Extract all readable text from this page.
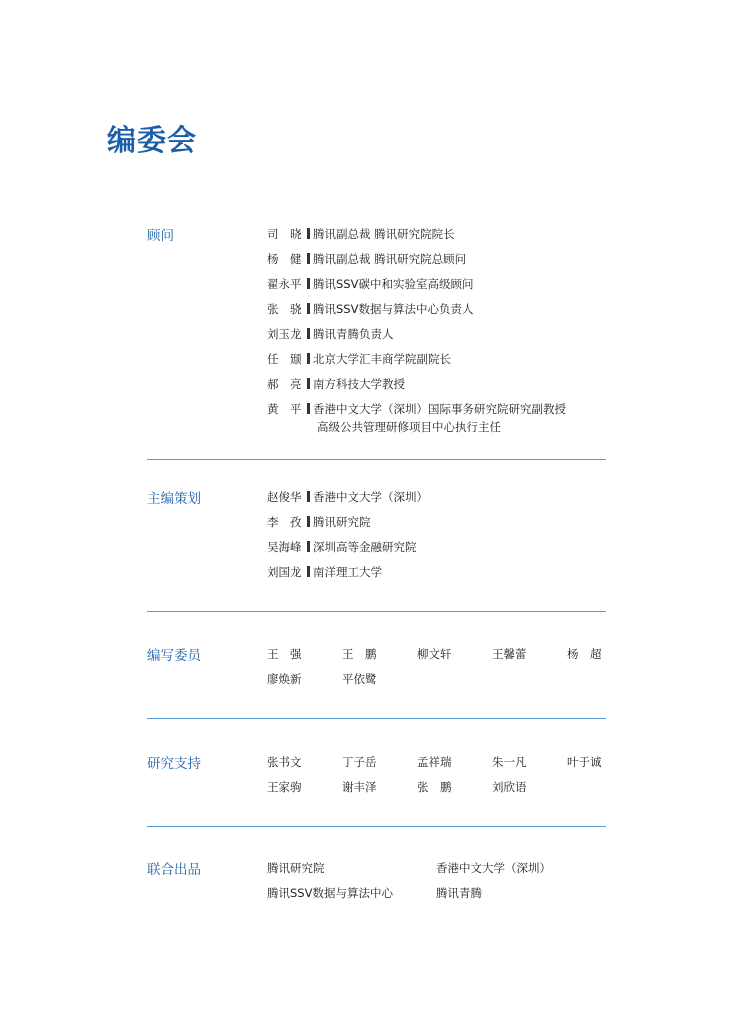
编委会
顾问	司　晓 腾讯副总裁 腾讯研究院院长
杨　健 腾讯副总裁 腾讯研究院总顾问
翟永平 腾讯SSV碳中和实验室高级顾问
张　骁 腾讯SSV数据与算法中心负责人
刘玉龙 腾讯青腾负责人
任　颋 北京大学汇丰商学院副院长
郝　亮 南方科技大学教授
黄　平 香港中文大学（深圳）国际事务研究院研究副教授
高级公共管理研修项目中心执行主任
主编策划	赵俊华 香港中文大学（深圳）
李　孜 腾讯研究院
吴海峰 深圳高等金融研究院
刘国龙 南洋理工大学
编写委员	王　强	王　鹏	柳文轩	王馨蕾	杨　超
廖焕新	平依鹭
研究支持	张书文	丁子岳	孟祥瑞	朱一凡	叶于诚
王家驹	谢丰泽	张　鹏	刘欣语
联合出品	腾讯研究院	香港中文大学（深圳）
腾讯SSV数据与算法中心	腾讯青腾
